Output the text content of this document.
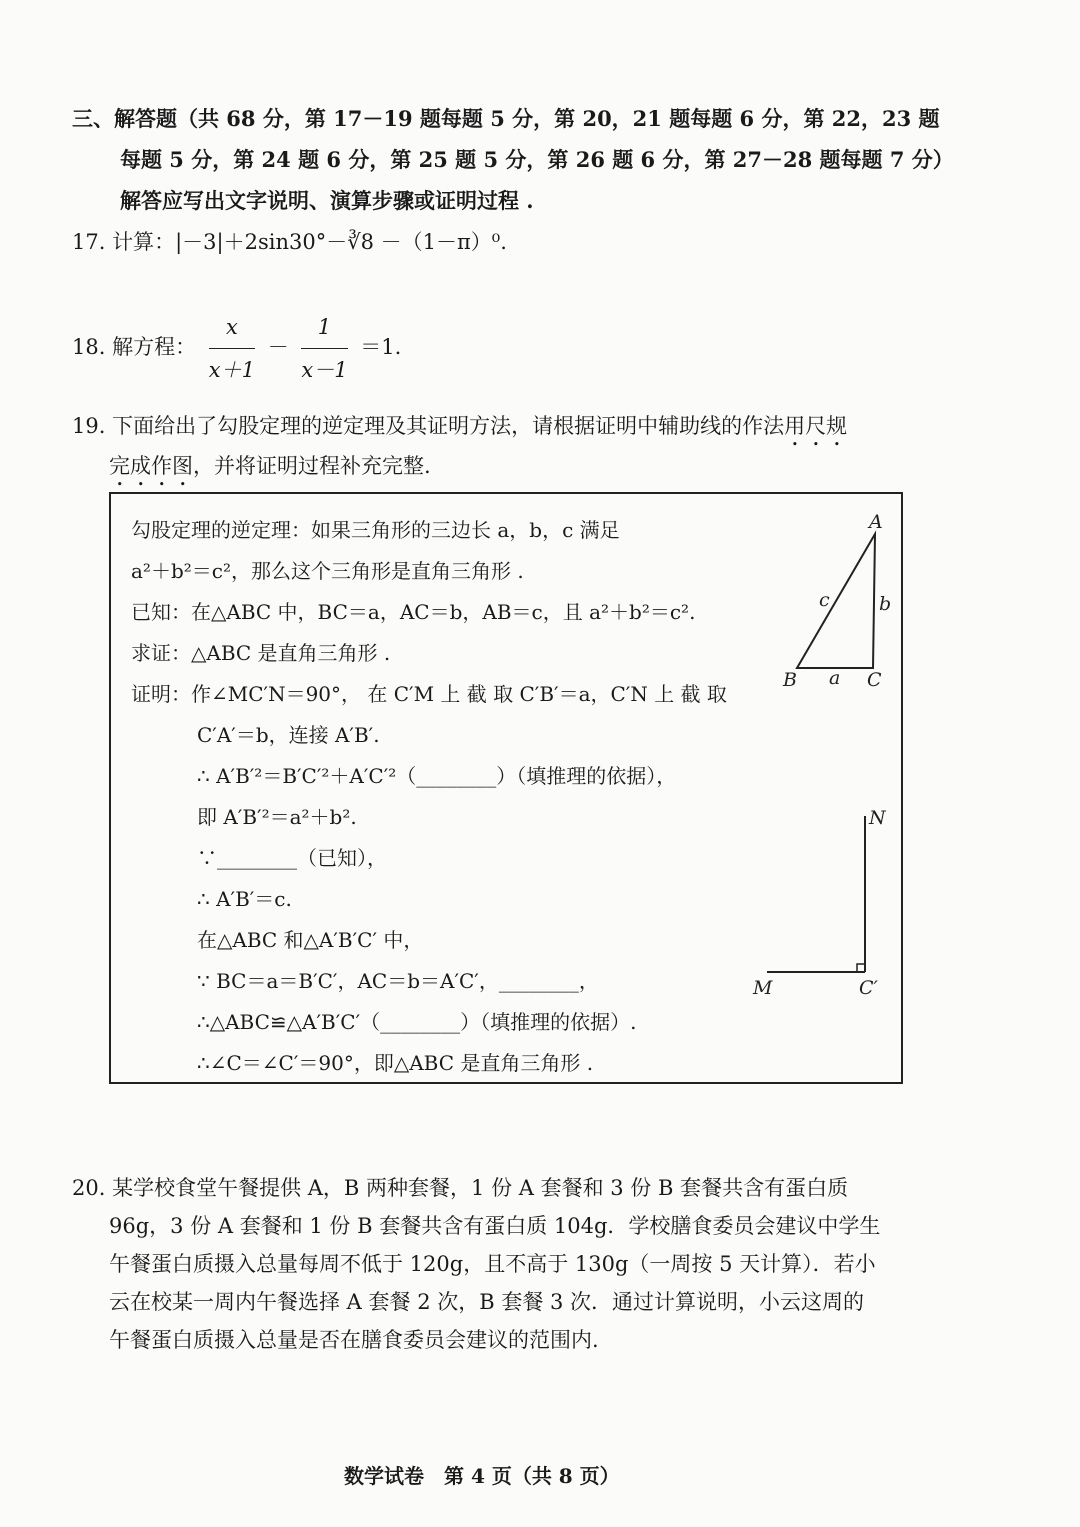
三、解答题（共 68 分，第 17－19 题每题 5 分，第 20，21 题每题 6 分，第 22，23 题
每题 5 分，第 24 题 6 分，第 25 题 5 分，第 26 题 6 分，第 27－28 题每题 7 分）
解答应写出文字说明、演算步骤或证明过程 .
17. 计算：|－3|＋2sin30°－∛8 －（1－π）⁰.
18. 解方程： $\frac{x}{x+1} - \frac{1}{x-1} =1$.
19. 下面给出了勾股定理的逆定理及其证明方法，请根据证明中辅助线的作法用尺规
完成作图，并将证明过程补充完整.
勾股定理的逆定理：如果三角形的三边长 a，b，c 满足
a²＋b²＝c²，那么这个三角形是直角三角形 .
已知：在△ABC 中，BC＝a，AC＝b，AB＝c，且 a²＋b²＝c².
求证：△ABC 是直角三角形 .
证明：作∠MC′N＝90°， 在 C′M 上 截 取 C′B′＝a，C′N 上 截 取
C′A′＝b，连接 A′B′.
∴ A′B′²＝B′C′²＋A′C′²（________）（填推理的依据），
即 A′B′²＝a²＋b².
∵________（已知），
∴ A′B′＝c.
在△ABC 和△A′B′C′ 中，
∵ BC＝a＝B′C′，AC＝b＝A′C′，________，
∴△ABC≌△A′B′C′（________）（填推理的依据）.
∴∠C＝∠C′＝90°，即△ABC 是直角三角形 .
A
B	C
a
b
c
N
M	C′
20. 某学校食堂午餐提供 A，B 两种套餐，1 份 A 套餐和 3 份 B 套餐共含有蛋白质
96g，3 份 A 套餐和 1 份 B 套餐共含有蛋白质 104g．学校膳食委员会建议中学生
午餐蛋白质摄入总量每周不低于 120g，且不高于 130g（一周按 5 天计算）．若小
云在校某一周内午餐选择 A 套餐 2 次，B 套餐 3 次．通过计算说明，小云这周的
午餐蛋白质摄入总量是否在膳食委员会建议的范围内.
数学试卷　第 4 页（共 8 页）
